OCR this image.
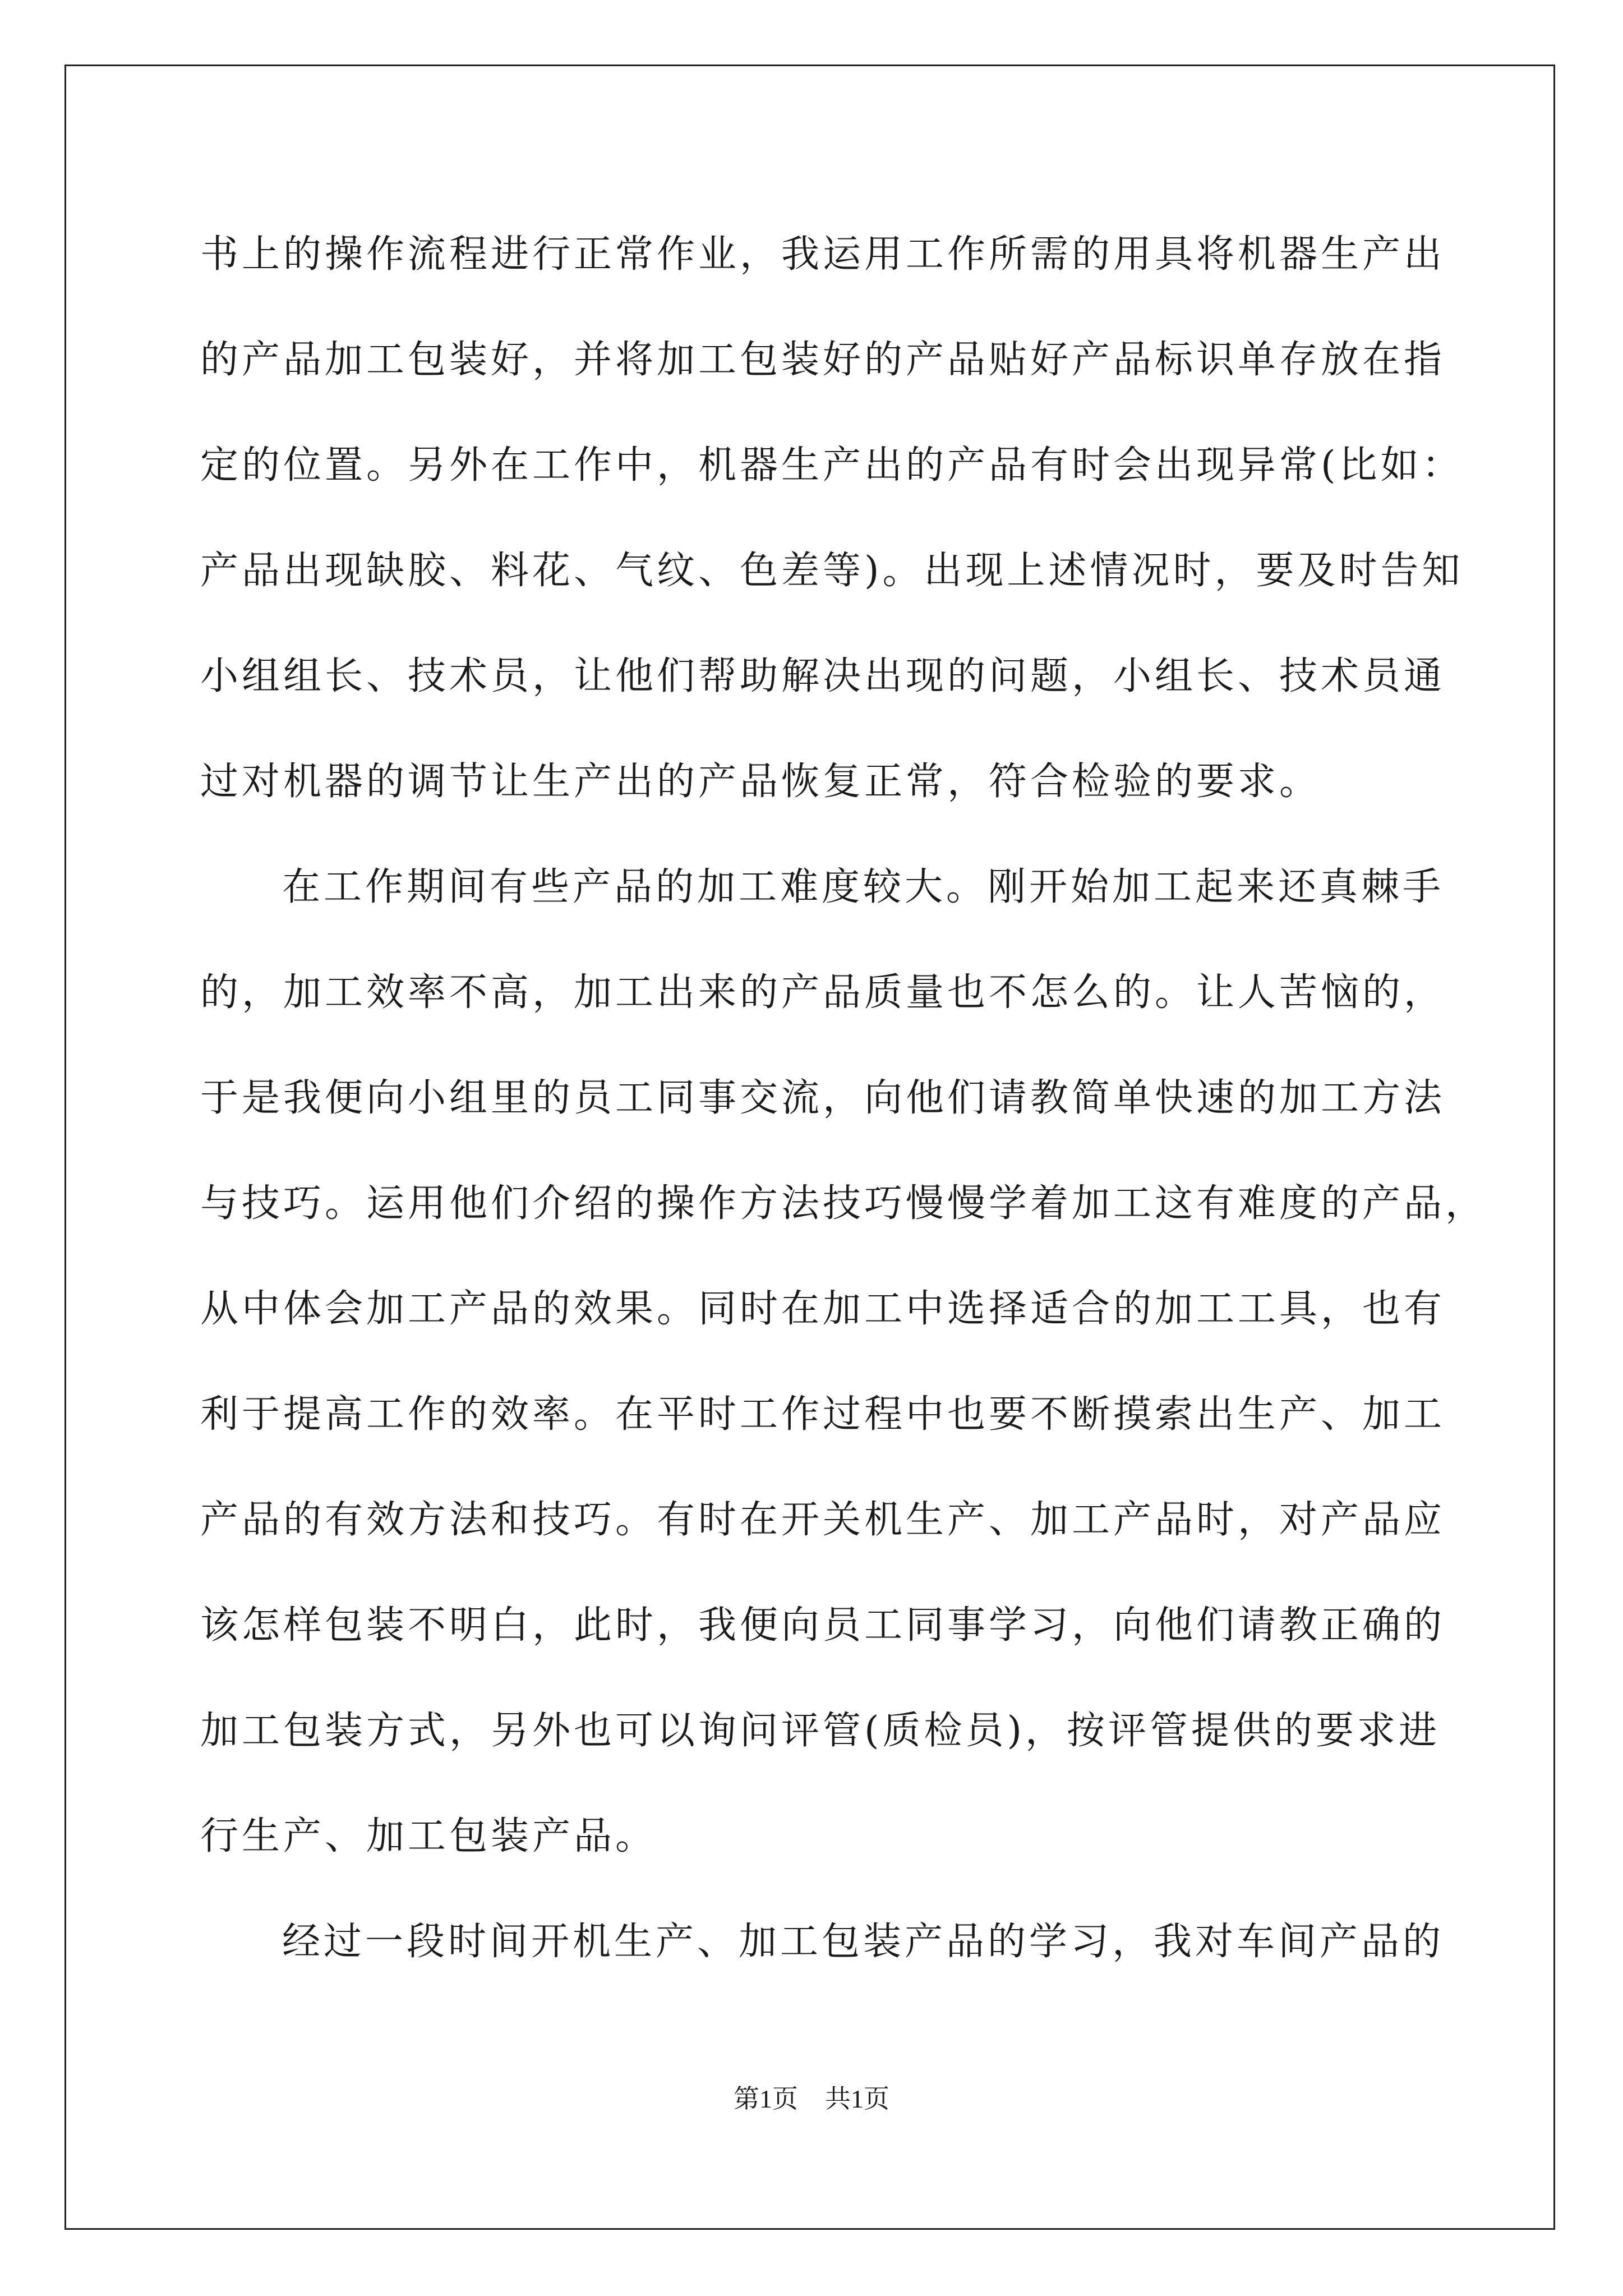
书上的操作流程进行正常作业，我运用工作所需的用具将机器生产出
的产品加工包装好，并将加工包装好的产品贴好产品标识单存放在指
定的位置。另外在工作中，机器生产出的产品有时会出现异常(比如：
产品出现缺胶、料花、气纹、色差等)。出现上述情况时，要及时告知
小组组长、技术员，让他们帮助解决出现的问题，小组长、技术员通
过对机器的调节让生产出的产品恢复正常，符合检验的要求。
在工作期间有些产品的加工难度较大。刚开始加工起来还真棘手
的，加工效率不高，加工出来的产品质量也不怎么的。让人苦恼的，
于是我便向小组里的员工同事交流，向他们请教简单快速的加工方法
与技巧。运用他们介绍的操作方法技巧慢慢学着加工这有难度的产品，
从中体会加工产品的效果。同时在加工中选择适合的加工工具，也有
利于提高工作的效率。在平时工作过程中也要不断摸索出生产、加工
产品的有效方法和技巧。有时在开关机生产、加工产品时，对产品应
该怎样包装不明白，此时，我便向员工同事学习，向他们请教正确的
加工包装方式，另外也可以询问评管(质检员)，按评管提供的要求进
行生产、加工包装产品。
经过一段时间开机生产、加工包装产品的学习，我对车间产品的
第1页 共1页
